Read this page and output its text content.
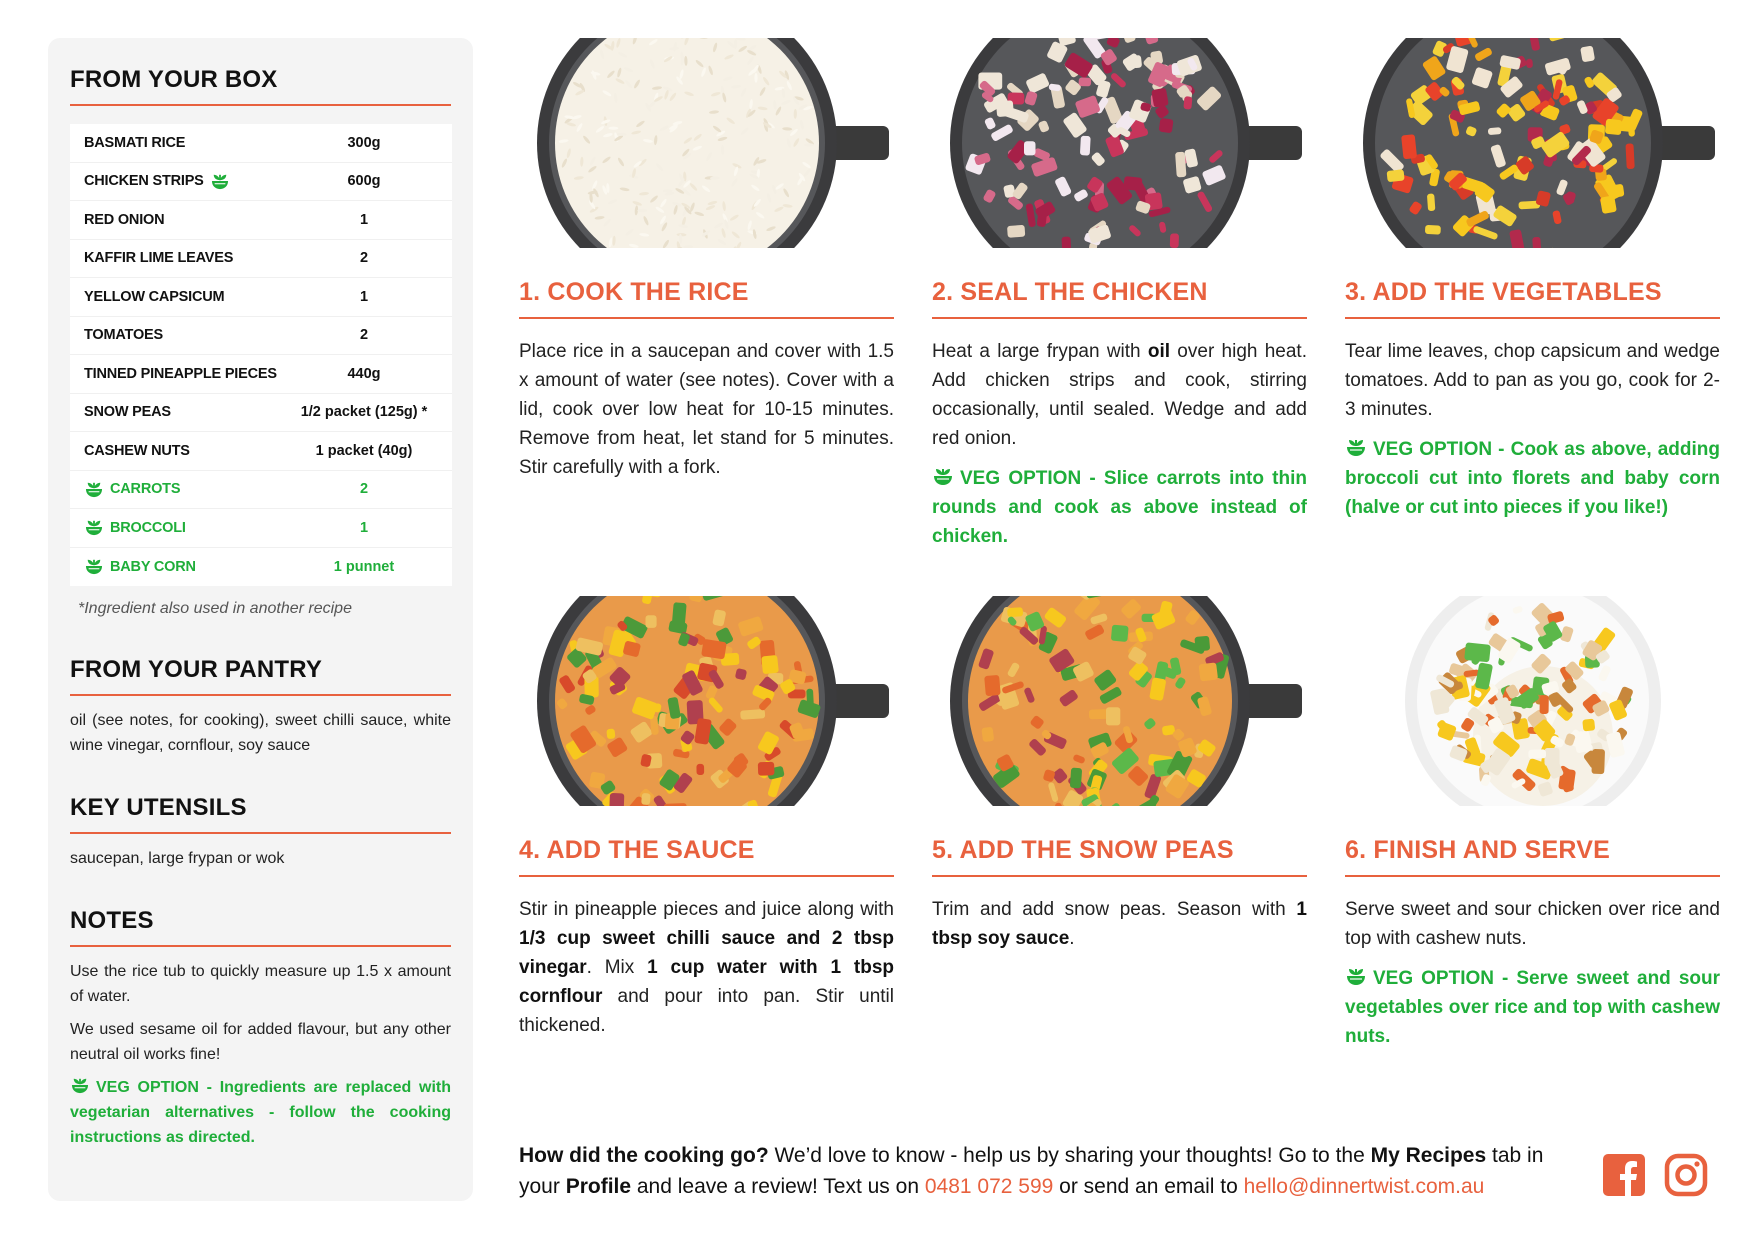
FROM YOUR BOX
BASMATI RICE	300g
CHICKEN STRIPS	600g
RED ONION	1
KAFFIR LIME LEAVES	2
YELLOW CAPSICUM	1
TOMATOES	2
TINNED PINEAPPLE PIECES	440g
SNOW PEAS	1/2 packet (125g) *
CASHEW NUTS	1 packet (40g)
CARROTS	2
BROCCOLI	1
BABY CORN	1 punnet

*Ingredient also used in another recipe

FROM YOUR PANTRY

oil (see notes, for cooking), sweet chilli sauce, white wine vinegar, cornflour, soy sauce

KEY UTENSILS

saucepan, large frypan or wok

NOTES

Use the rice tub to quickly measure up 1.5 x amount of water.

We used sesame oil for added flavour, but any other neutral oil works fine!

VEG OPTION - Ingredients are replaced with vegetarian alternatives - follow the cooking instructions as directed.

1. COOK THE RICE

Place rice in a saucepan and cover with 1.5 x amount of water (see notes). Cover with a lid, cook over low heat for 10-15 minutes. Remove from heat, let stand for 5 minutes. Stir carefully with a fork.

2. SEAL THE CHICKEN

Heat a large frypan with oil over high heat. Add chicken strips and cook, stirring occasionally, until sealed. Wedge and add red onion.

VEG OPTION - Slice carrots into thin rounds and cook as above instead of chicken.

3. ADD THE VEGETABLES

Tear lime leaves, chop capsicum and wedge tomatoes. Add to pan as you go, cook for 2-3 minutes.

VEG OPTION - Cook as above, adding broccoli cut into florets and baby corn (halve or cut into pieces if you like!)

4. ADD THE SAUCE

Stir in pineapple pieces and juice along with 1/3 cup sweet chilli sauce and 2 tbsp vinegar. Mix 1 cup water with 1 tbsp cornflour and pour into pan. Stir until thickened.

5. ADD THE SNOW PEAS

Trim and add snow peas. Season with 1 tbsp soy sauce.

6. FINISH AND SERVE

Serve sweet and sour chicken over rice and top with cashew nuts.

VEG OPTION - Serve sweet and sour vegetables over rice and top with cashew nuts.

How did the cooking go? We’d love to know - help us by sharing your thoughts! Go to the My Recipes tab in your Profile and leave a review! Text us on 0481 072 599 or send an email to hello@dinnertwist.com.au
